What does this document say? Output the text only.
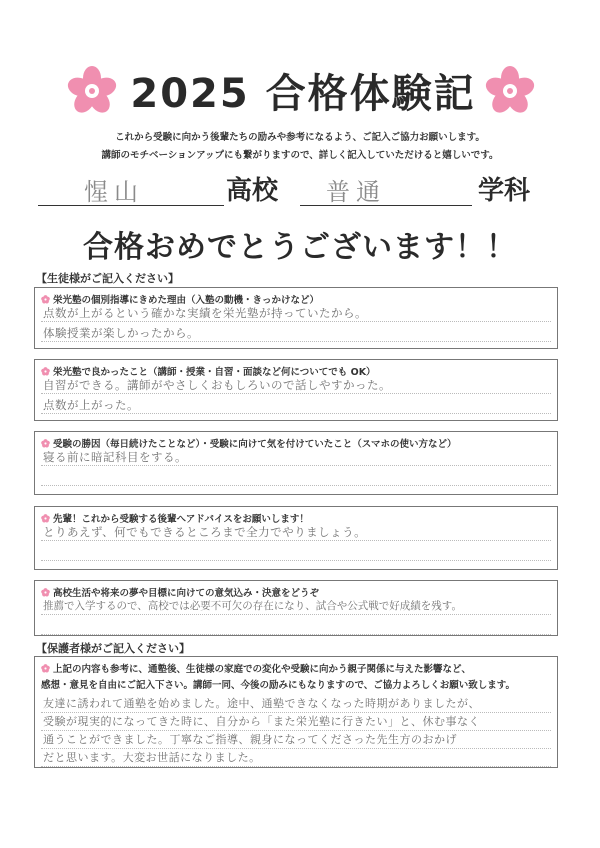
2025 合格体験記
これから受験に向かう後輩たちの励みや参考になるよう、ご記入ご協力お願いします。
講師のモチベーションアップにも繋がりますので、詳しく記入していただけると嬉しいです。
惺山	高校 普通	学科
合格おめでとうございます！！
【生徒様がご記入ください】
栄光塾の個別指導にきめた理由（入塾の動機・きっかけなど）
点数が上がるという確かな実績を栄光塾が持っていたから。
体験授業が楽しかったから。
栄光塾で良かったこと（講師・授業・自習・面談など何についてでも OK）
自習ができる。講師がやさしくおもしろいので話しやすかった。
点数が上がった。
受験の勝因（毎日続けたことなど）・受験に向けて気を付けていたこと（スマホの使い方など）
寝る前に暗記科目をする。
先輩！これから受験する後輩へアドバイスをお願いします！
とりあえず、何でもできるところまで全力でやりましょう。
高校生活や将来の夢や目標に向けての意気込み・決意をどうぞ
推薦で入学するので、高校では必要不可欠の存在になり、試合や公式戦で好成績を残す。
【保護者様がご記入ください】
上記の内容も参考に、通塾後、生徒様の家庭での変化や受験に向かう親子関係に与えた影響など、
感想・意見を自由にご記入下さい。講師一同、今後の励みにもなりますので、ご協力よろしくお願い致します。
友達に誘われて通塾を始めました。途中、通塾できなくなった時期がありましたが、
受験が現実的になってきた時に、自分から「また栄光塾に行きたい」と、休む事なく
通うことができました。丁寧なご指導、親身になってくださった先生方のおかげ
だと思います。大変お世話になりました。
